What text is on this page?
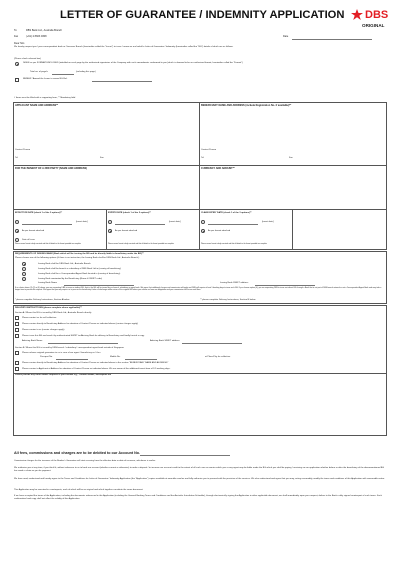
LETTER OF GUARANTEE / INDEMNITY APPLICATION DBS
ORIGINAL
To	DBS Bank Ltd., Australia Branch
Fax	(+61) 2 8823 9308	Date
Dear Sirs
We hereby request you / your correspondent bank or Overseas Branch (hereinafter called the "Issuer") to issue / renew on our behalf a Letter of Guarantee / Indemnity (hereinafter called the "BG") details of which are as follows:
(Please check relevant box)
ISSUE as per FORMAT ENCLOSED (initialled on each page by the authorised signatories of the Company with such amendments conformed to you (which is deemed to be our authorised format, hereinafter called the "Format")
Total no. of page/s	(including this page)
RENEW / Amend the Issuer to renew BG Ref.
# Items must be filled with a supporting form; ** Mandatory field
APPLICANT NAME AND ADDRESS**
Contact Person
Tel	Fax
BENEFICIARY NAME AND ADDRESS (include Registration No. if available)**
Contact Person
Tel	Fax
FOR THE BENEFIT OF A 3RD PARTY (NAME AND ADDRESS)	CURRENCY AND AMOUNT**
EFFECTIVE DATE (check 1 of the 3 options)**
[insert date]
As per format attached
Date of Issue
EXPIRY DATE (check 1 of the 3 options)**
[insert date]
As per format attached
CLAIM EXPIRY DATE (check 1 of the 3 options)**
[insert date]
As per format attached
Please ensure format is duly executed and that all details in the format provided are complete	Please ensure format is duly executed and that all details in the format provided are complete	Please ensure format is duly executed and that all details in the format provided are complete
REQUIREMENTS OF ISSUING BANK (Bank which will be issuing the BG and be directly liable to beneficiary under the BG)**
Please choose one of the following options (if there is no instruction, the Issuing Bank shall be DBS Bank Ltd., Australia Branch.)
Issuing Bank shall be DBS Bank Ltd., Australia Branch
Issuing Bank shall be branch or subsidiary of DBS Bank Ltd in (country of beneficiary)
Issuing Bank shall be a Correspondent Agent Bank located in (country of beneficiary)
Issuing Bank nominated by the Beneficiary (Name & SWIFT code)
Issuing Bank Name	Issuing Bank SWIFT address
If no choice above (1) (2) or (4) above, you are requesting DBS to issue an indirect BG, that is, the BG will be issued by our branch, subsidiary or agent bank. We agree that additional charges and commission will apply and DBS will require at least 5 banking days to issue such BG. If you choose option (4), you are requesting DBS to issue an indirect BG through a Bank that is not part of DBS branch network or not a Correspondent Agent Bank and may take a longer time to process the request. We agree that you may require us to procure the beneficiary's letter of discharge and/or return of the original BG before you release us from our obligations and your commission will accrue until then.
* please complete Delivery Instructions, Section A below	** please complete Delivery Instructions, Section B below
DELIVERY INSTRUCTIONS (please complete where applicable)**
Section A: Where this BG is issued by DBS Bank Ltd., Australia Branch directly
Please contact us for self collection.
Please courier directly to Beneficiary Address for attention of Contact Person as indicated above (courier charges apply)
Please courier to us (courier charges apply)
Please issue this BG and send it by authenticated SWIFT to Advising Bank for delivery to Beneficiary and kindly furnish a copy
Advising Bank Name	Advising Bank SWIFT address
Section B: Where this BG is issued by DBS branch / subsidiary / correspondent agent bank outside of Singapore
Please release original guarantee to us in care of our agent / beneficiary as / thru
Passport No.	Mobile No.	at Place/City for collection
Please courier directly to Beneficiary Address for attention of Contact Person as indicated above in the section "BENEFICIARY NAME AND ADDRESS"
Please courier to Applicant at Address for attention of Contact Person as indicated above. We are aware of the additional transit time of 3-5 working days.
Please provide any other details required in your format e.g., Contact details, description etc
All fees, commissions and charges are to be debited to our Account No.
Commission charges for the issuance of the Banker's Guarantee will start accruing from the effective date or date of issuance, whichever is earlier.
We authorise you at any time, if you think fit, without reference to us to bank our account (whether current or otherwise) to make a deposit / to increase our account credit to the extent of all such sum or monies which you or any agent may be liable under the BG which you shall be paying / receiving on our application whether before or after the beneficiary of the abovementioned BG has made a claim on you for payment.
We have read, understood and hereby agree to the Terms and Conditions for Letter of Guarantee / Indemnity Application (the "Application") copies available at www.dbs.com/au and fully authorise you to proceed with the provision of the services. We also understand and agree that you may, acting reasonably, modify the terms and conditions of this Application with reasonable notice.
This Application may be executed in counterparts, each of which will be an original and which together constitute the same document.
If we have accepted the terms of the Application, including the documents referenced in this Application (including the General Banking Terms and Conditions and the Australia Jurisdiction Schedule), through electronically signing the Application in other applicable document, we shall immediately upon your request, deliver to the Bank a duly signed counterpart of such terms. Such confirmation hard copy shall not affect the validity of this Application.
